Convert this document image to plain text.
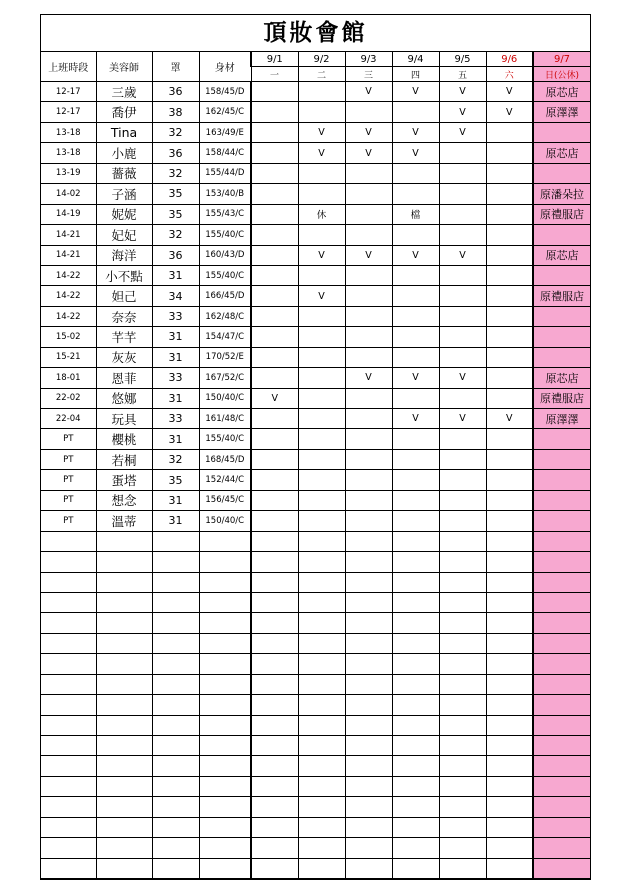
頂妝會館
上班時段	美容師	罩	身材	9/1	9/2	9/3	9/4	9/5	9/6	9/7
				一	二	三	四	五	六	日(公休)
12-17	三歲	36	158/45/D			V	V	V	V	原芯店
12-17	喬伊	38	162/45/C					V	V	原澤澤
13-18	Tina	32	163/49/E		V	V	V	V		
13-18	小鹿	36	158/44/C		V	V	V			原芯店
13-19	薔薇	32	155/44/D							
14-02	子涵	35	153/40/B							原潘朵拉
14-19	妮妮	35	155/43/C		休		檔			原禮服店
14-21	妃妃	32	155/40/C							
14-21	海洋	36	160/43/D		V	V	V	V		原芯店
14-22	小不點	31	155/40/C							
14-22	妲己	34	166/45/D		V					原禮服店
14-22	奈奈	33	162/48/C							
15-02	芊芊	31	154/47/C							
15-21	灰灰	31	170/52/E							
18-01	恩菲	33	167/52/C			V	V	V		原芯店
22-02	悠娜	31	150/40/C	V						原禮服店
22-04	玩具	33	161/48/C				V	V	V	原澤澤
PT	櫻桃	31	155/40/C							
PT	若桐	32	168/45/D							
PT	蛋塔	35	152/44/C							
PT	想念	31	156/45/C							
PT	溫蒂	31	150/40/C							
